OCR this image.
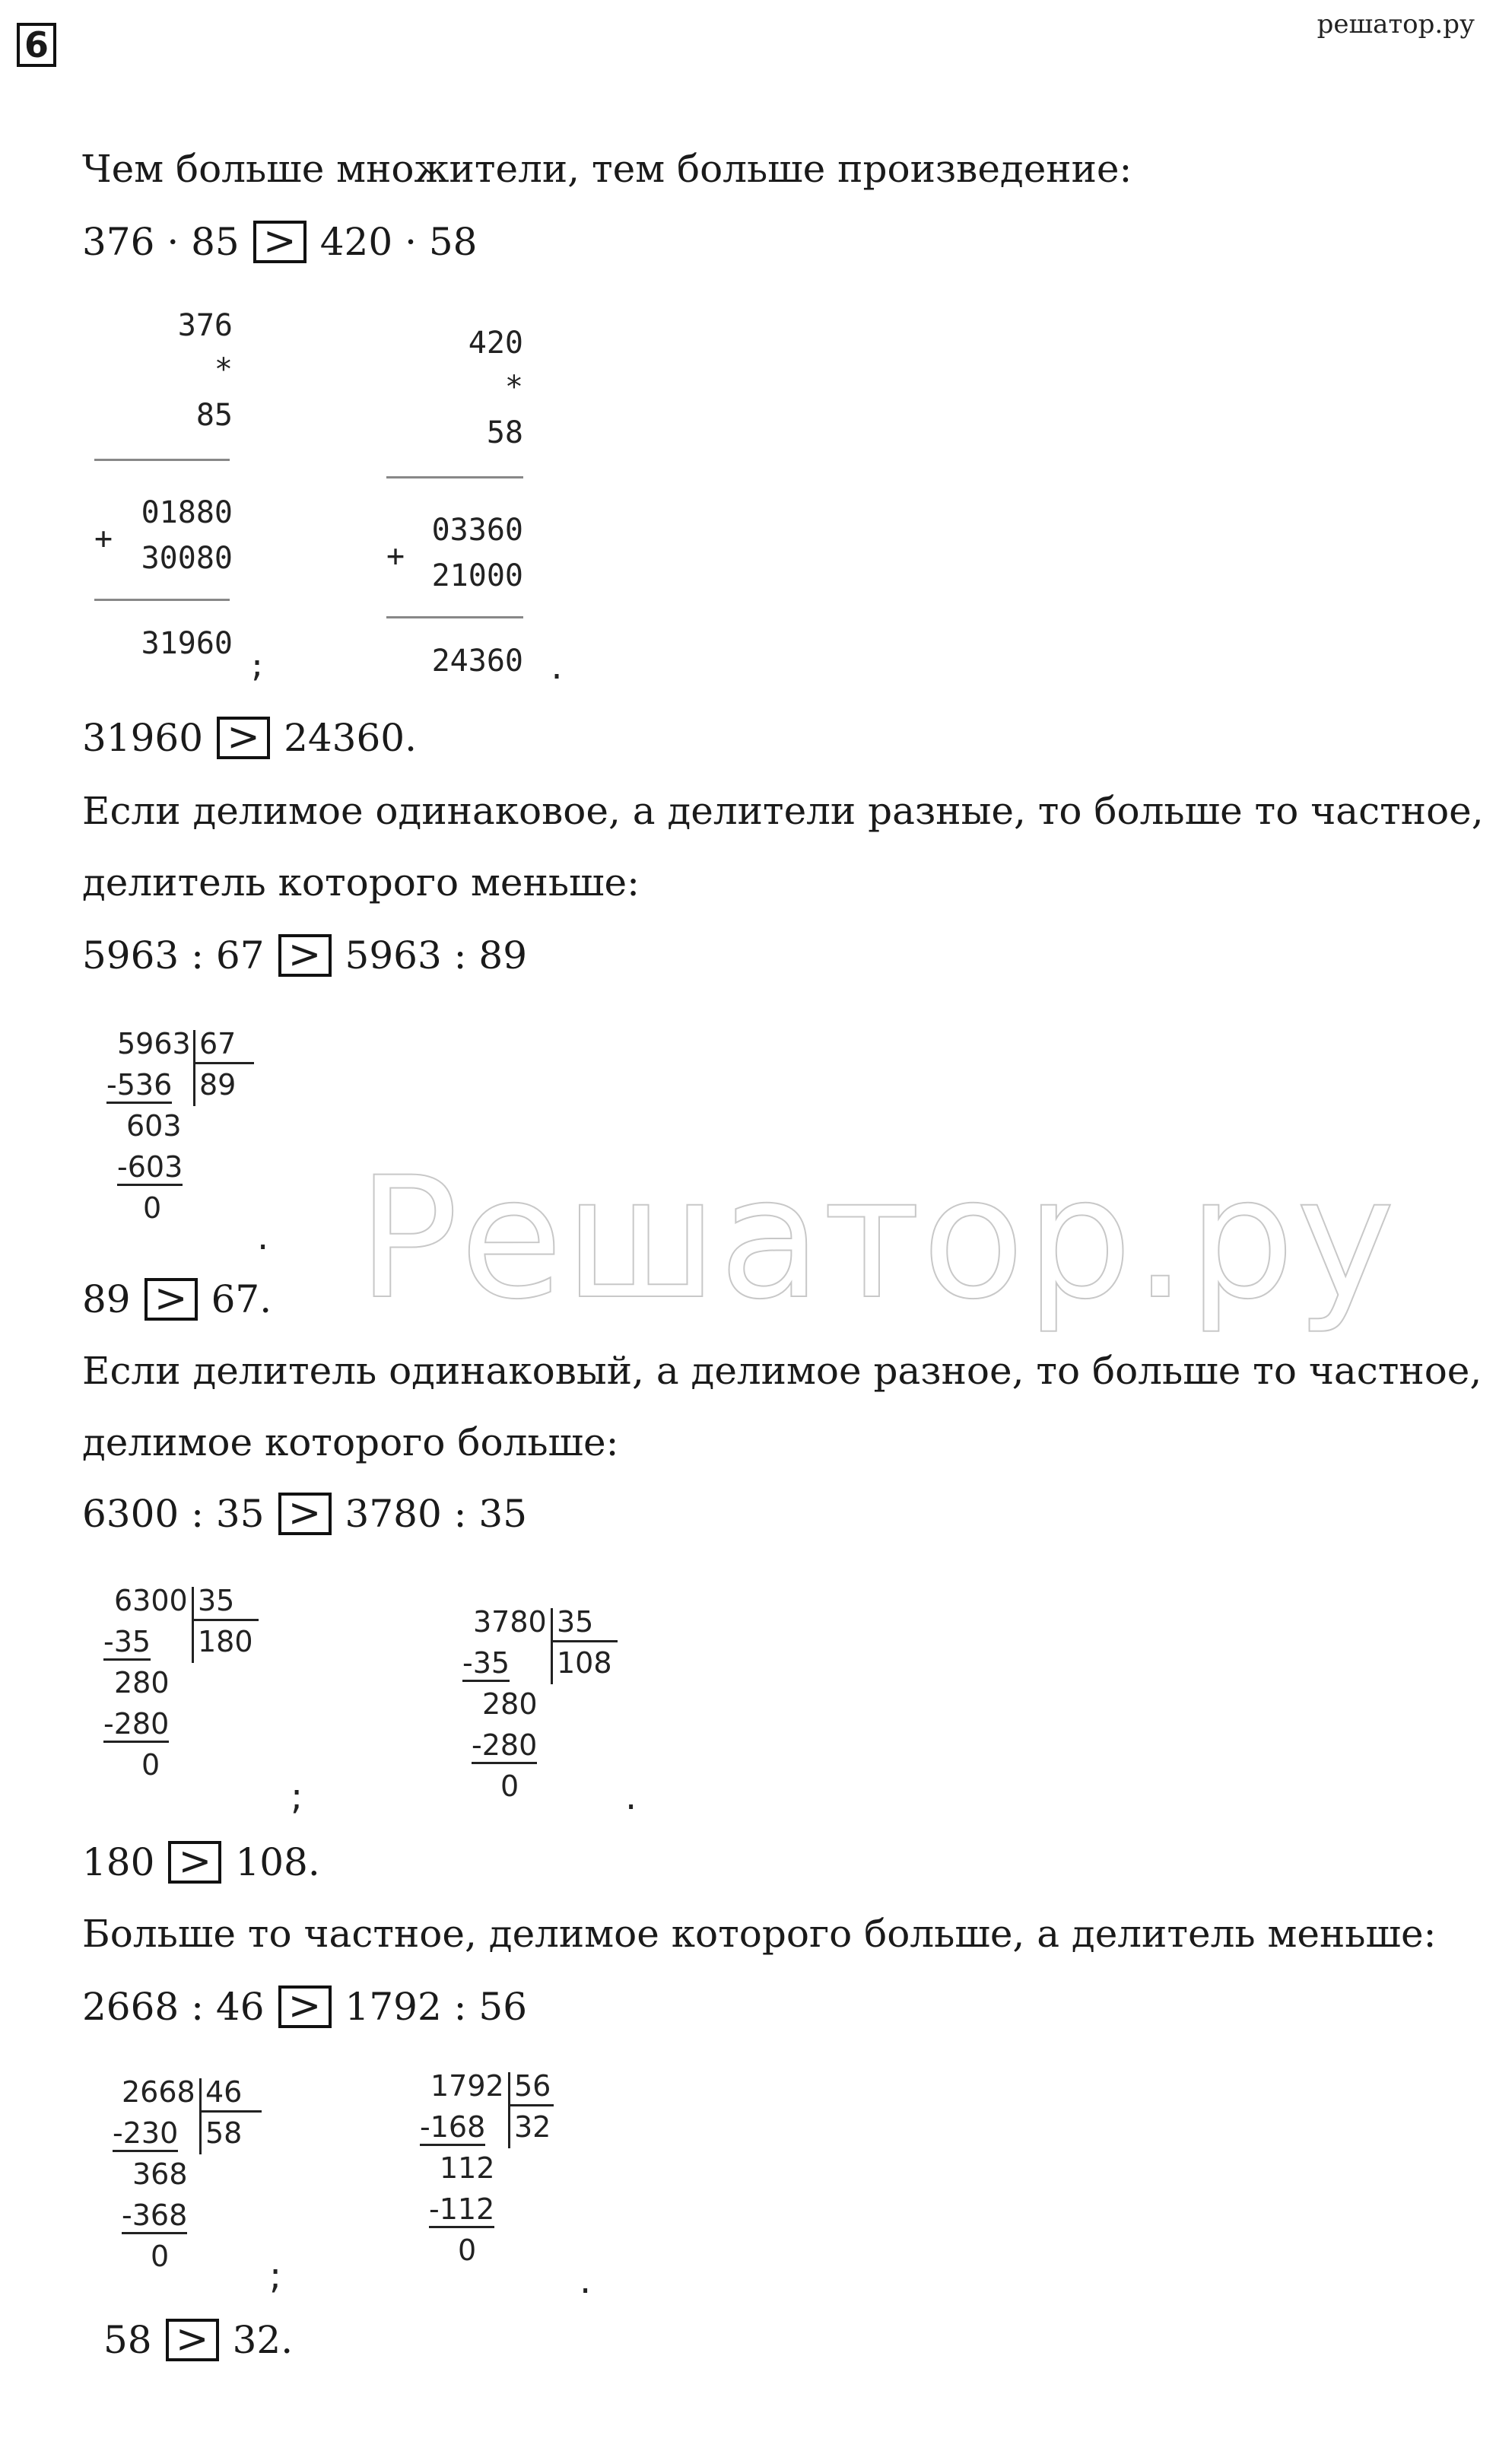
6	решатор.ру
Решатор.ру
Чем больше множители, тем больше произведение:
376 · 85 > 420 · 58
376
*
85
+
01880
30080
31960
;
420
*
58
+
03360
21000
24360 .
31960 > 24360.
Если делимое одинаковое, а делители разные, то больше то частное,
делитель которого меньше:
5963 : 67 > 5963 : 89
5963 67
89
-536
603
-603
0
.
89 > 67.
Если делитель одинаковый, а делимое разное, то больше то частное,
делимое которого больше:
6300 : 35 > 3780 : 35
6300 35
180
-35
280
-280
0
;
3780 35
108
-35
280
-280
0	.
180 > 108.
Больше то частное, делимое которого больше, а делитель меньше:
2668 : 46 > 1792 : 56
2668 46
58
-230
368
-368
0	;
1792 56
32
-168
112
-112
0
.
58 > 32.
